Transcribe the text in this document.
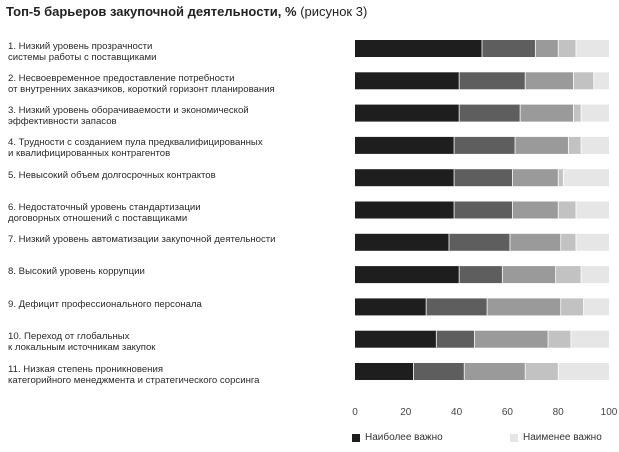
Топ-5 барьеров закупочной деятельности, % (рисунок 3)
1. Низкий уровень прозрачности
системы работы с поставщиками
2. Несвоевременное предоставление потребности
от внутренних заказчиков, короткий горизонт планирования
3. Низкий уровень оборачиваемости и экономической
эффективности запасов
4. Трудности с созданием пула предквалифицированных
и квалифицированных контрагентов
5. Невысокий объем долгосрочных контрактов
6. Недостаточный уровень стандартизации
договорных отношений с поставщиками
7. Низкий уровень автоматизации закупочной деятельности
8. Высокий уровень коррупции
9. Дефицит профессионального персонала
10. Переход от глобальных
к локальным источникам закупок
11. Низкая степень проникновения
категорийного менеджмента и стратегического сорсинга
0	20	40	60	80	100
Наиболее важно	Наименее важно
